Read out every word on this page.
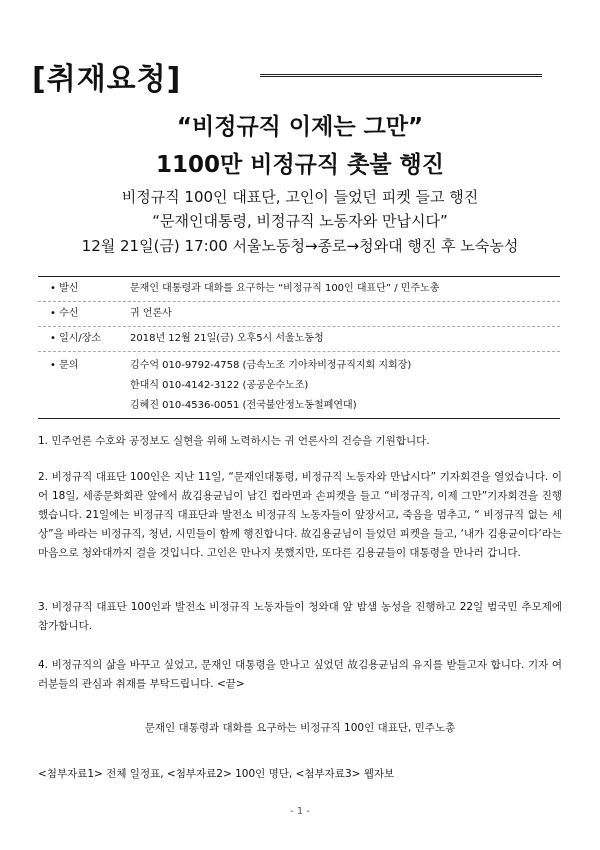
[취재요청]
“비정규직 이제는 그만”
1100만 비정규직 촛불 행진
비정규직 100인 대표단, 고인이 들었던 피켓 들고 행진
“문재인대통령, 비정규직 노동자와 만납시다”
12월 21일(금) 17:00 서울노동청→종로→청와대 행진 후 노숙농성
• 발신	문재인 대통령과 대화를 요구하는 “비정규직 100인 대표단” / 민주노총
• 수신	귀 언론사
• 일시/장소	2018년 12월 21일(금) 오후5시 서울노동청
• 문의	김수억 010-9792-4758 (금속노조 기아차비정규직지회 지회장)
한대식 010-4142-3122 (공공운수노조)
김혜진 010-4536-0051 (전국불안정노동철폐연대)
1. 민주언론 수호와 공정보도 실현을 위해 노력하시는 귀 언론사의 건승을 기원합니다.
2. 비정규직 대표단 100인은 지난 11일, “문재인대통령, 비정규직 노동자와 만납시다” 기자회견을 열었습니다. 이어 18일, 세종문화회관 앞에서 故김용균님이 남긴 컵라면과 손피켓을 들고 “비정규직, 이제 그만”기자회견을 진행했습니다. 21일에는 비정규직 대표단과 발전소 비정규직 노동자들이 앞장서고, 죽음을 멈추고, “ 비정규직 없는 세상”을 바라는 비정규직, 청년, 시민들이 함께 행진합니다. 故김용균님이 들었던 피켓을 들고, ‘내가 김용균이다’라는 마음으로 청와대까지 걸을 것입니다. 고인은 만나지 못했지만, 또다른 김용균들이 대통령을 만나러 갑니다.
3. 비정규직 대표단 100인과 발전소 비정규직 노동자들이 청와대 앞 밤샘 농성을 진행하고 22일 범국민 추모제에 참가합니다.
4. 비정규직의 삶을 바꾸고 싶었고, 문재인 대통령을 만나고 싶었던 故김용균님의 유지를 받들고자 합니다. 기자 여러분들의 관심과 취재를 부탁드립니다. <끝>
문재인 대통령과 대화를 요구하는 비정규직 100인 대표단, 민주노총
<첨부자료1> 전체 일정표, <첨부자료2> 100인 명단, <첨부자료3> 웹자보
- 1 -
